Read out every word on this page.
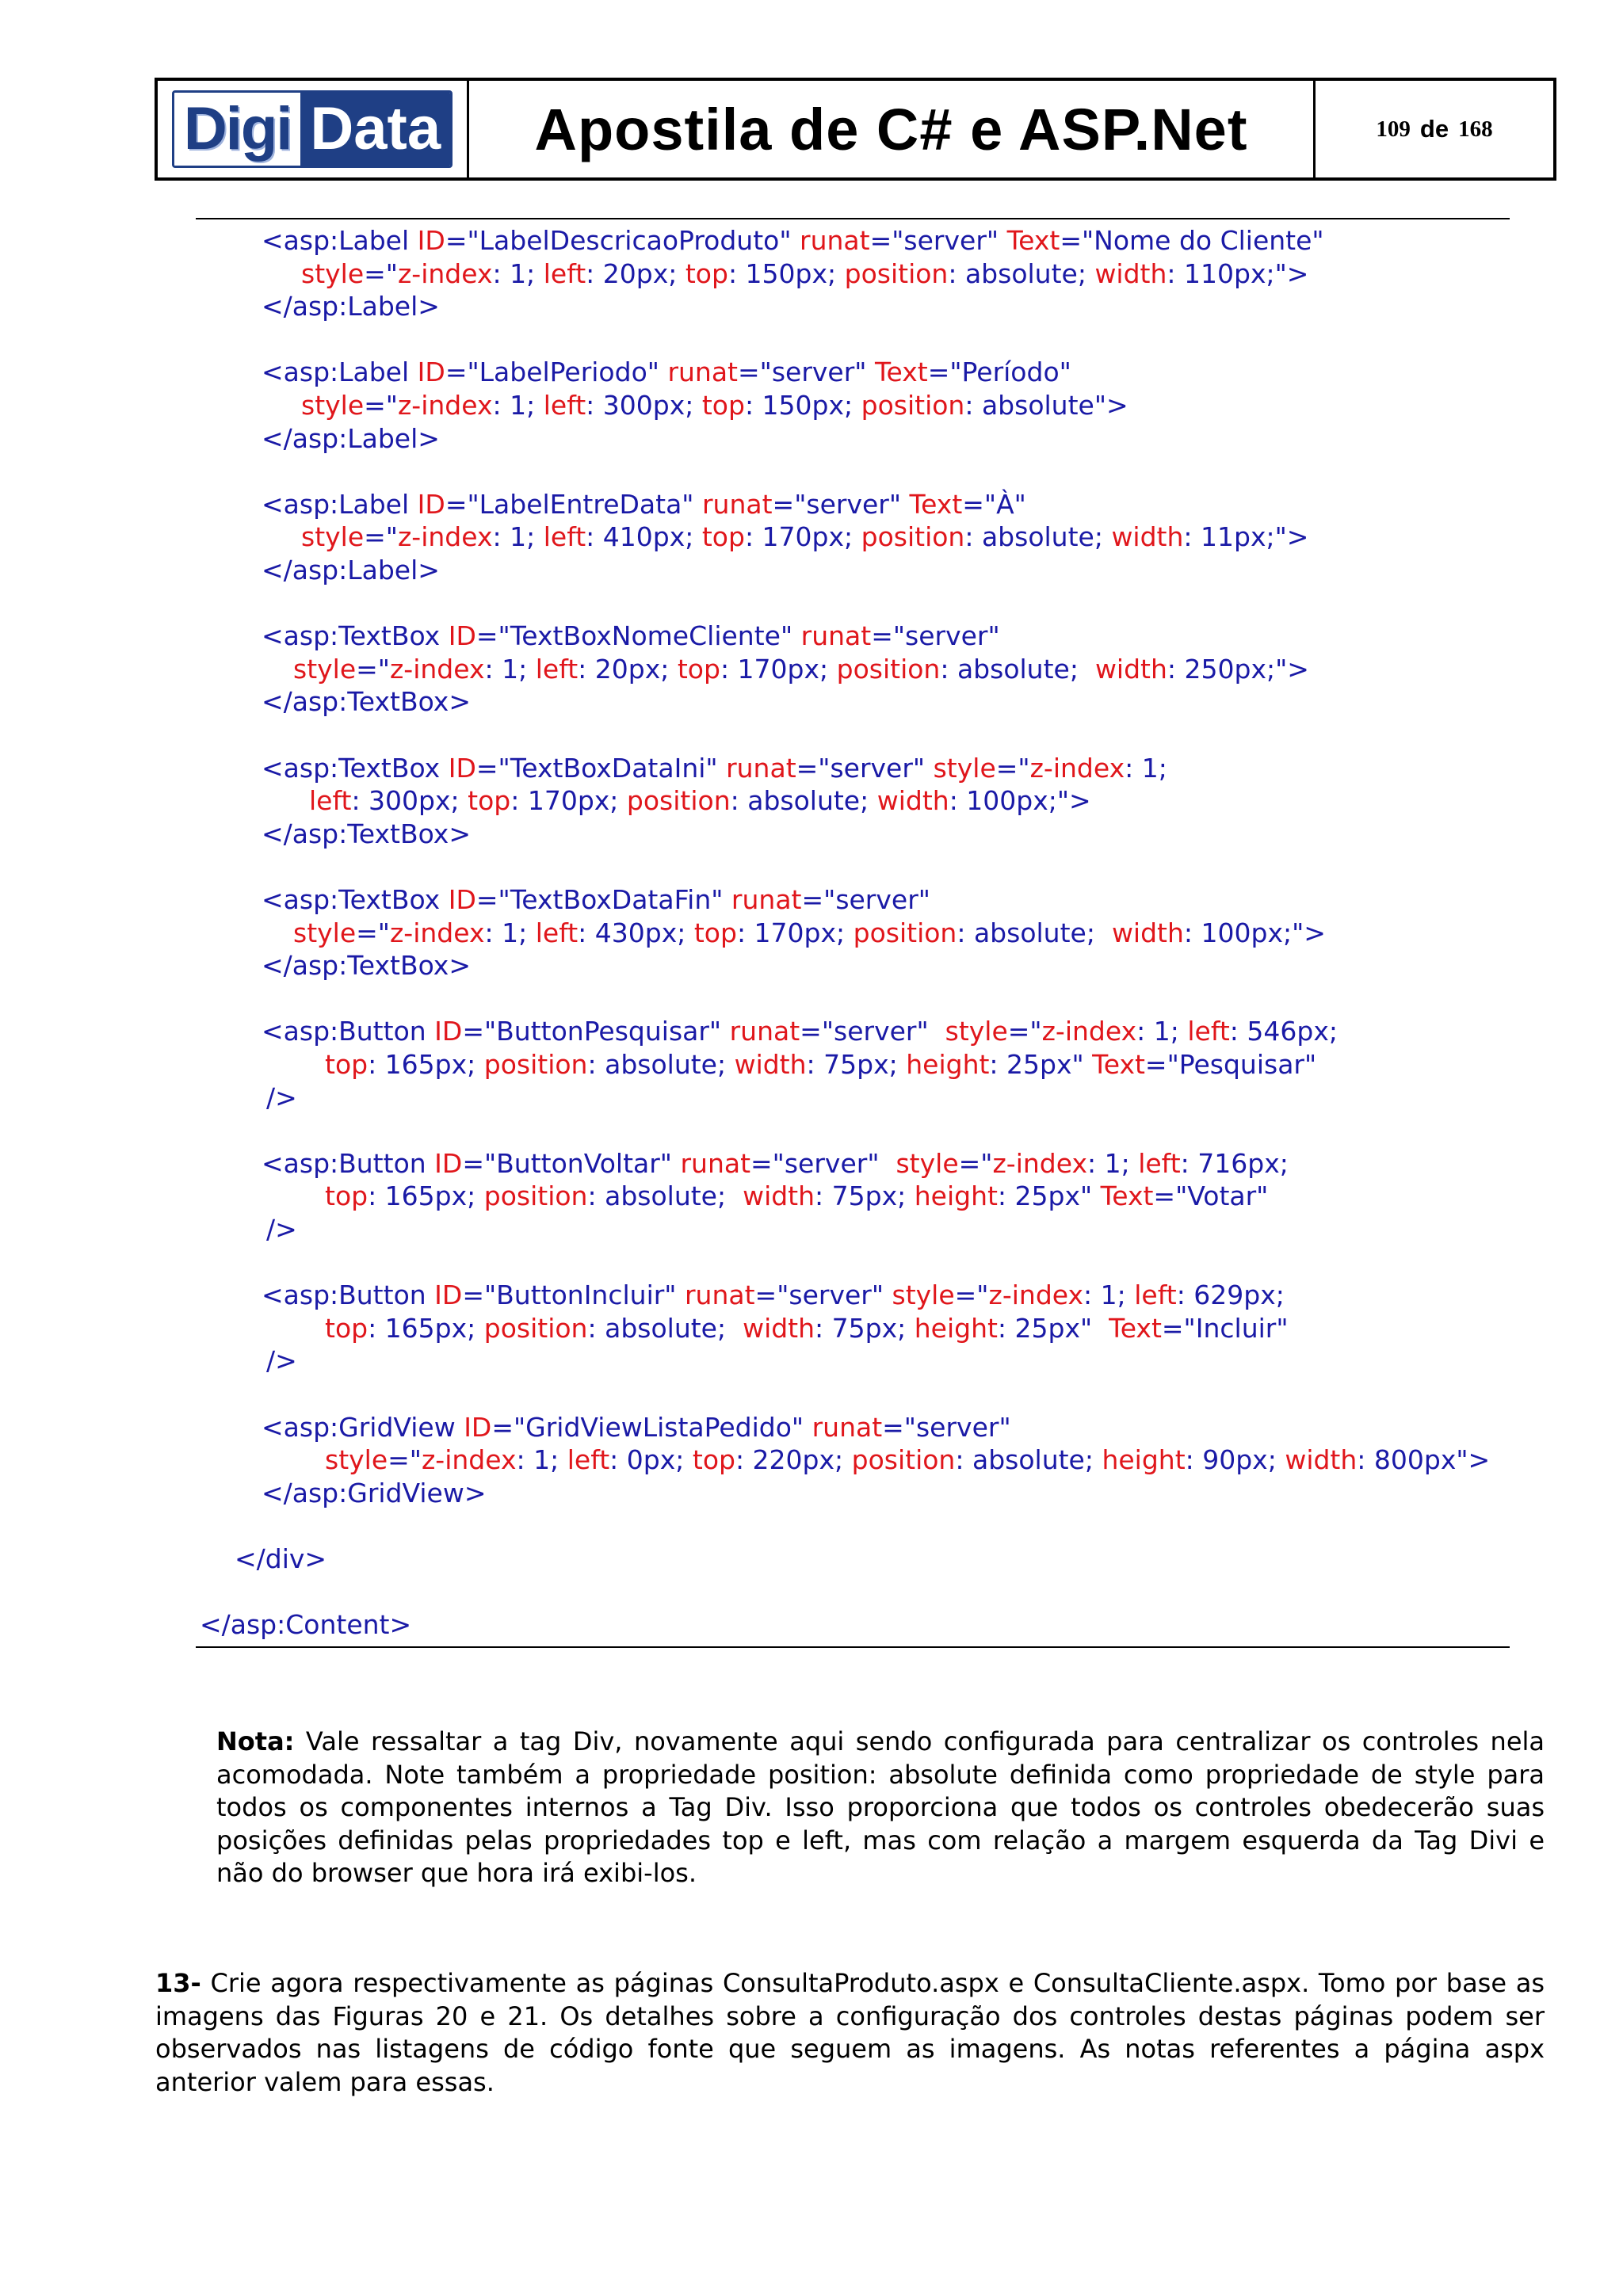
Digi Data	Apostila de C# e ASP.Net	109 de 168
<asp:Label ID="LabelDescricaoProduto" runat="server" Text="Nome do Cliente"
style="z-index: 1; left: 20px; top: 150px; position: absolute; width: 110px;">
</asp:Label>
<asp:Label ID="LabelPeriodo" runat="server" Text="Período"
style="z-index: 1; left: 300px; top: 150px; position: absolute">
</asp:Label>
<asp:Label ID="LabelEntreData" runat="server" Text="À"
style="z-index: 1; left: 410px; top: 170px; position: absolute; width: 11px;">
</asp:Label>
<asp:TextBox ID="TextBoxNomeCliente" runat="server"
style="z-index: 1; left: 20px; top: 170px; position: absolute;  width: 250px;">
</asp:TextBox>
<asp:TextBox ID="TextBoxDataIni" runat="server" style="z-index: 1;
left: 300px; top: 170px; position: absolute; width: 100px;">
</asp:TextBox>
<asp:TextBox ID="TextBoxDataFin" runat="server"
style="z-index: 1; left: 430px; top: 170px; position: absolute;  width: 100px;">
</asp:TextBox>
<asp:Button ID="ButtonPesquisar" runat="server"  style="z-index: 1; left: 546px;
top: 165px; position: absolute; width: 75px; height: 25px" Text="Pesquisar"
/>
<asp:Button ID="ButtonVoltar" runat="server"  style="z-index: 1; left: 716px;
top: 165px; position: absolute;  width: 75px; height: 25px" Text="Votar"
/>
<asp:Button ID="ButtonIncluir" runat="server" style="z-index: 1; left: 629px;
top: 165px; position: absolute;  width: 75px; height: 25px"  Text="Incluir"
/>
<asp:GridView ID="GridViewListaPedido" runat="server"
style="z-index: 1; left: 0px; top: 220px; position: absolute; height: 90px; width: 800px">
</asp:GridView>
</div>
</asp:Content>
Nota: Vale ressaltar a tag Div, novamente aqui sendo configurada para centralizar os controles nela acomodada. Note também a propriedade position: absolute definida como propriedade de style para todos os componentes internos a Tag Div. Isso proporciona que todos os controles obedecerão suas posições definidas pelas propriedades top e left, mas com relação a margem esquerda da Tag Divi e não do browser que hora irá exibi-los.
13- Crie agora respectivamente as páginas ConsultaProduto.aspx e ConsultaCliente.aspx. Tomo por base as imagens das Figuras 20 e 21. Os detalhes sobre a configuração dos controles destas páginas podem ser observados nas listagens de código fonte que seguem as imagens. As notas referentes a página aspx anterior valem para essas.
